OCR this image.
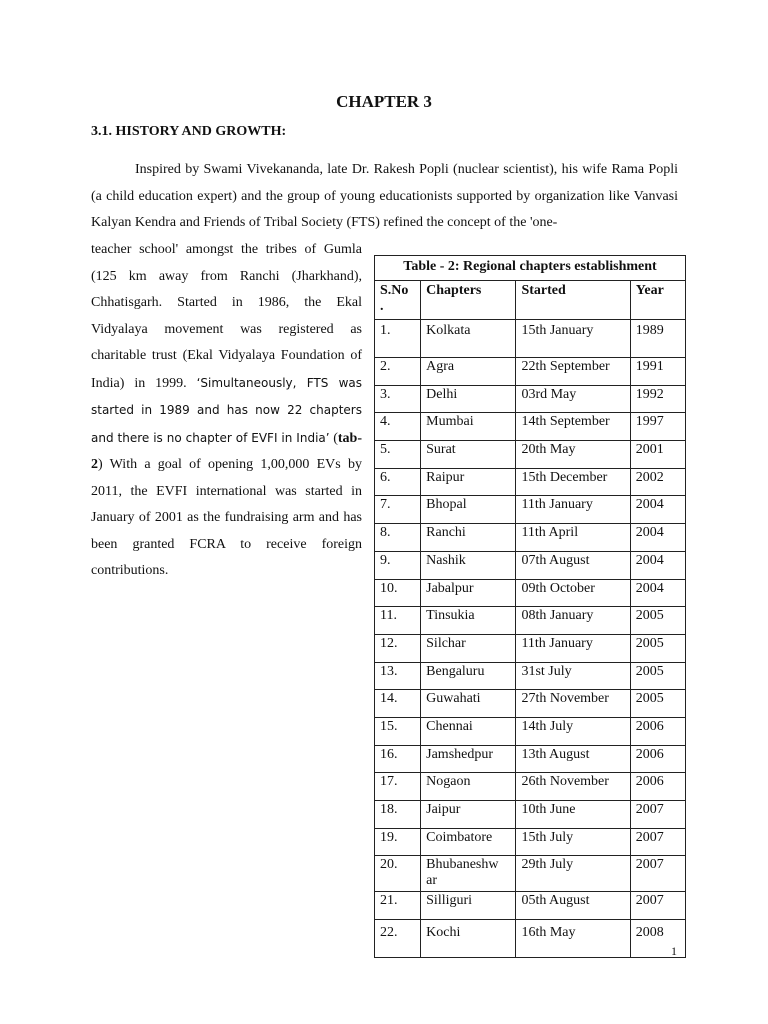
CHAPTER 3
3.1. HISTORY AND GROWTH:
Inspired by Swami Vivekananda, late Dr. Rakesh Popli (nuclear scientist), his wife Rama Popli (a child education expert) and the group of young educationists supported by organization like Vanvasi Kalyan Kendra and Friends of Tribal Society (FTS) refined the concept of the 'one-
teacher school' amongst the tribes of Gumla (125 km away from Ranchi (Jharkhand), Chhatisgarh. Started in 1986, the Ekal Vidyalaya movement was registered as charitable trust (Ekal Vidyalaya Foundation of India) in 1999. ‘Simultaneously, FTS was started in 1989 and has now 22 chapters and there is no chapter of EVFI in India’ (tab-2) With a goal of opening 1,00,000 EVs by 2011, the EVFI international was started in January of 2001 as the fundraising arm and has been granted FCRA to receive foreign contributions.
Table - 2: Regional chapters establishment
S.No .	Chapters	Started	Year
1.	Kolkata	15th January	1989
2.	Agra	22th September	1991
3.	Delhi	03rd May	1992
4.	Mumbai	14th September	1997
5.	Surat	20th May	2001
6.	Raipur	15th December	2002
7.	Bhopal	11th January	2004
8.	Ranchi	11th April	2004
9.	Nashik	07th August	2004
10.	Jabalpur	09th October	2004
11.	Tinsukia	08th January	2005
12.	Silchar	11th January	2005
13.	Bengaluru	31st July	2005
14.	Guwahati	27th November	2005
15.	Chennai	14th July	2006
16.	Jamshedpur	13th August	2006
17.	Nogaon	26th November	2006
18.	Jaipur	10th June	2007
19.	Coimbatore	15th July	2007
20.	Bhubaneshw ar	29th July	2007
21.	Silliguri	05th August	2007
22.	Kochi	16th May	2008
1
